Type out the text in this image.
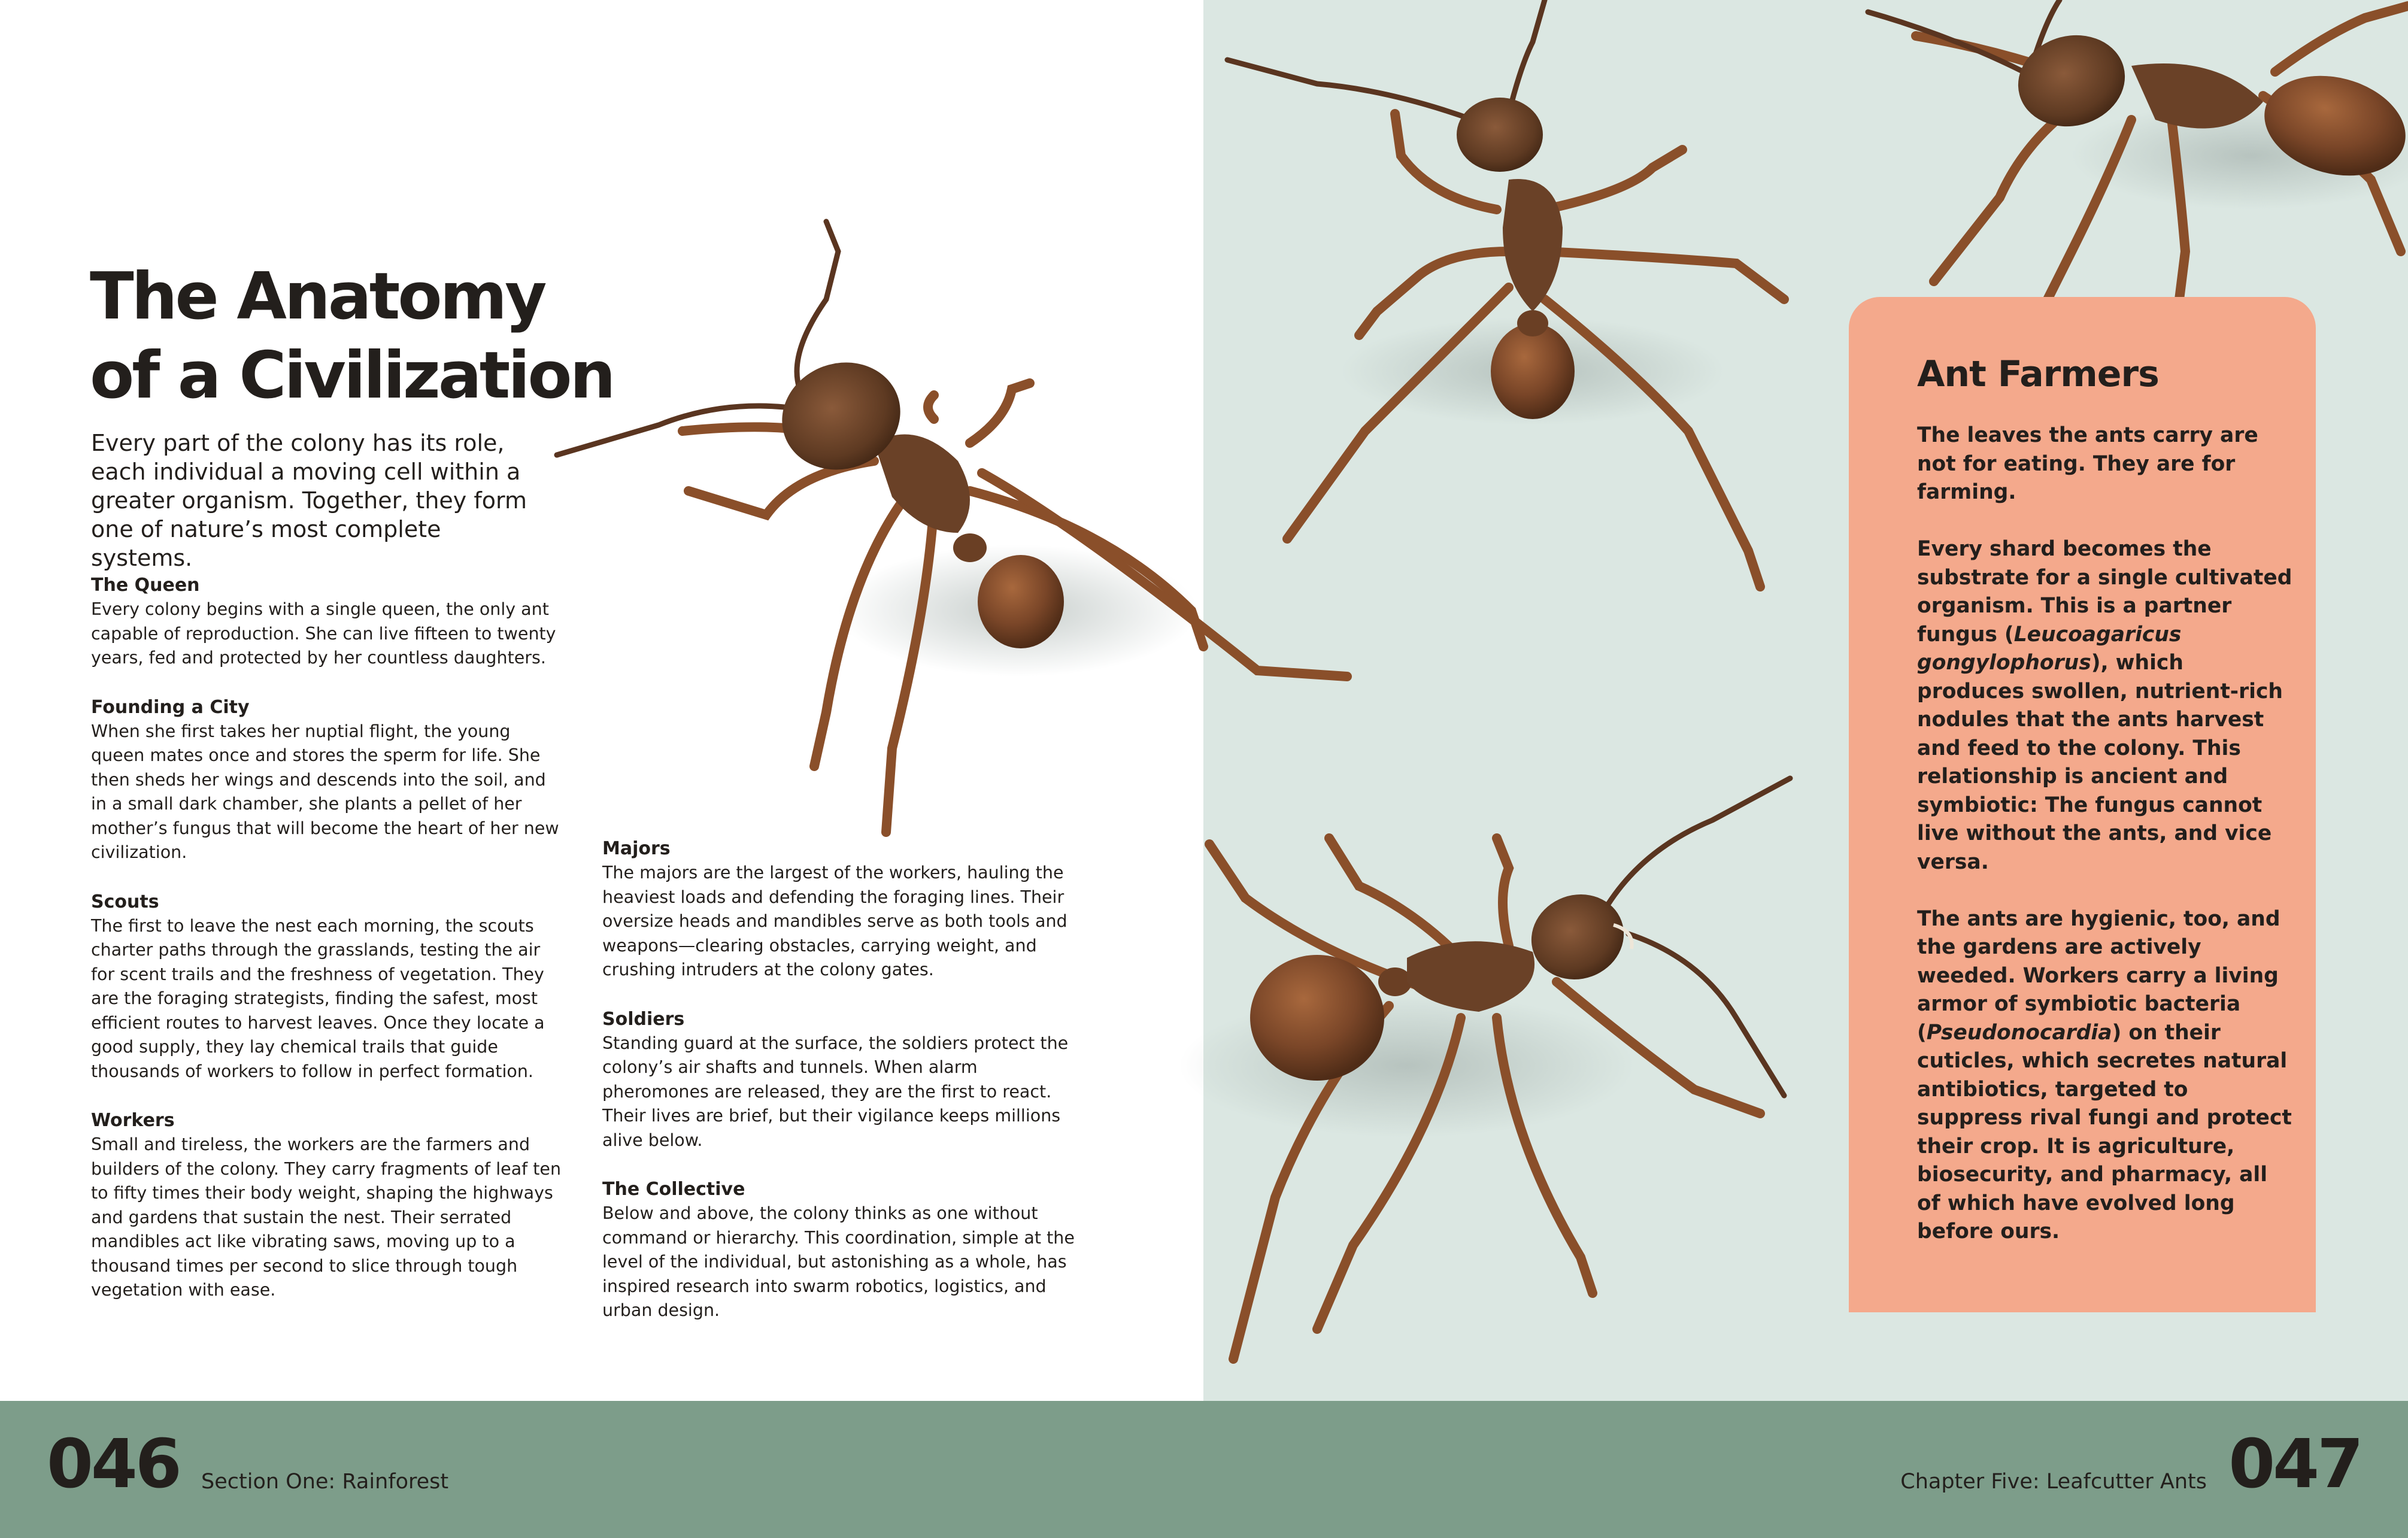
The Anatomy
of a Civilization
Every part of the colony has its role, each individual a moving cell within a greater organism. Together, they form one of nature’s most complete systems.
The Queen

Every colony begins with a single queen, the only ant capable of reproduction. She can live fifteen to twenty years, fed and protected by her countless daughters.

Founding a City

When she first takes her nuptial flight, the young queen mates once and stores the sperm for life. She then sheds her wings and descends into the soil, and in a small dark chamber, she plants a pellet of her mother’s fungus that will become the heart of her new civilization.

Scouts

The first to leave the nest each morning, the scouts charter paths through the grasslands, testing the air for scent trails and the freshness of vegetation. They are the foraging strategists, finding the safest, most efficient routes to harvest leaves. Once they locate a good supply, they lay chemical trails that guide thousands of workers to follow in perfect formation.

Workers

Small and tireless, the workers are the farmers and builders of the colony. They carry fragments of leaf ten to fifty times their body weight, shaping the highways and gardens that sustain the nest. Their serrated mandibles act like vibrating saws, moving up to a thousand times per second to slice through tough vegetation with ease.

Majors

The majors are the largest of the workers, hauling the heaviest loads and defending the foraging lines. Their oversize heads and mandibles serve as both tools and weapons—clearing obstacles, carrying weight, and crushing intruders at the colony gates.

Soldiers

Standing guard at the surface, the soldiers protect the colony’s air shafts and tunnels. When alarm pheromones are released, they are the first to react. Their lives are brief, but their vigilance keeps millions alive below.

The Collective

Below and above, the colony thinks as one without command or hierarchy. This coordination, simple at the level of the individual, but astonishing as a whole, has inspired research into swarm robotics, logistics, and urban design.

Ant Farmers

The leaves the ants carry are not for eating. They are for farming.

Every shard becomes the substrate for a single cultivated organism. This is a partner fungus (Leucoagaricus gongylophorus), which produces swollen, nutrient-rich nodules that the ants harvest and feed to the colony. This relationship is ancient and symbiotic: The fungus cannot live without the ants, and vice versa.

The ants are hygienic, too, and the gardens are actively weeded. Workers carry a living armor of symbiotic bacteria (Pseudonocardia) on their cuticles, which secretes natural antibiotics, targeted to suppress rival fungi and protect their crop. It is agriculture, biosecurity, and pharmacy, all of which have evolved long before ours.

046 Section One: Rainforest	Chapter Five: Leafcutter Ants 047
